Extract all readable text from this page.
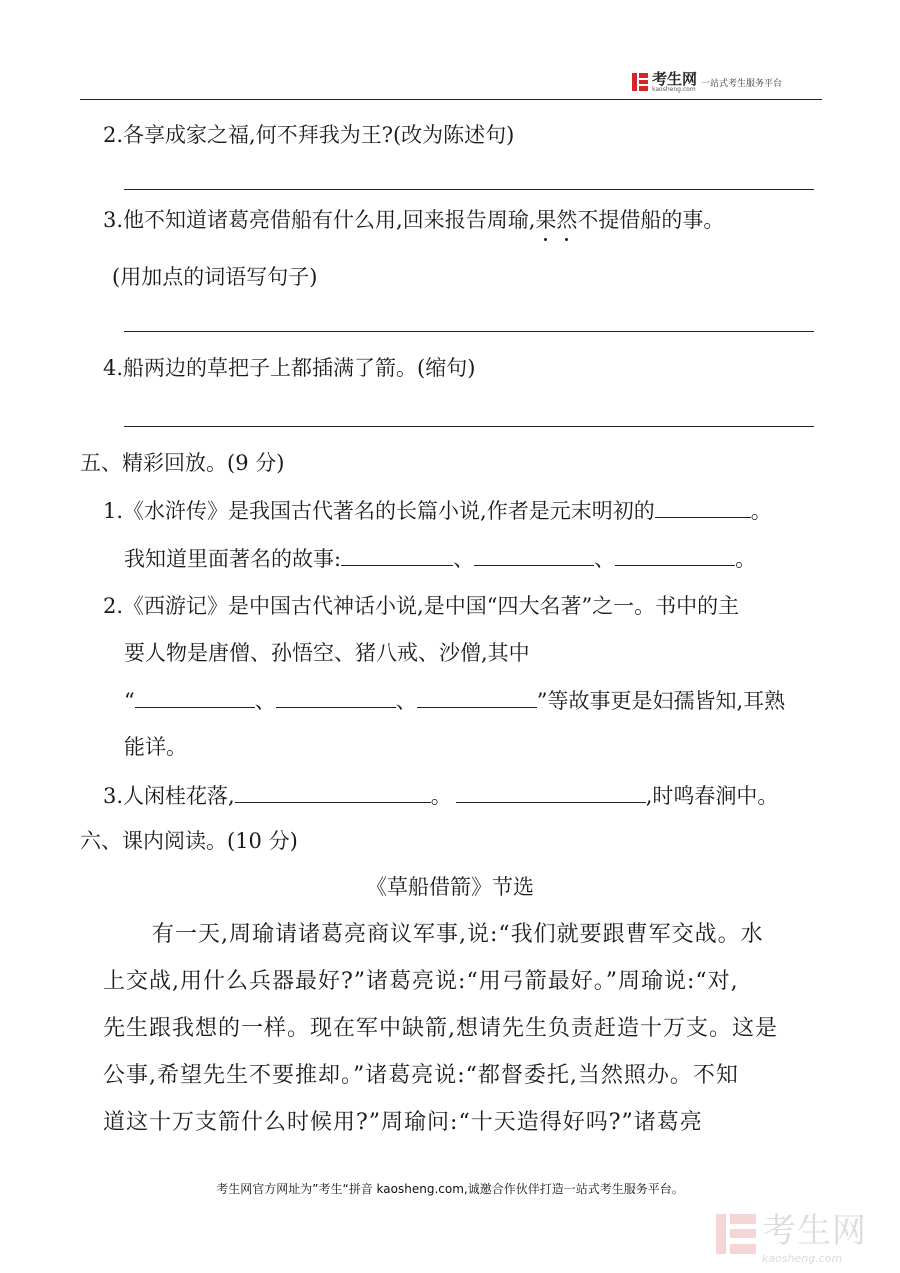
考生网
kaosheng.com
一站式考生服务平台
2.各享成家之福,何不拜我为王?(改为陈述句)
3.他不知道诸葛亮借船有什么用,回来报告周瑜,果然不提借船的事。
(用加点的词语写句子)
4.船两边的草把子上都插满了箭。(缩句)
五、精彩回放。(9 分)
1.《水浒传》是我国古代著名的长篇小说,作者是元末明初的	。
我知道里面著名的故事:	、	、	。
2.《西游记》是中国古代神话小说,是中国“四大名著”之一。书中的主
要人物是唐僧、孙悟空、猪八戒、沙僧,其中
“	、	、	”等故事更是妇孺皆知,耳熟
能详。
3.人闲桂花落,	。	,时鸣春涧中。
六、课内阅读。(10 分)
《草船借箭》节选
有一天,周瑜请诸葛亮商议军事,说:“我们就要跟曹军交战。水
上交战,用什么兵器最好?”诸葛亮说:“用弓箭最好。”周瑜说:“对,
先生跟我想的一样。现在军中缺箭,想请先生负责赶造十万支。这是
公事,希望先生不要推却。”诸葛亮说:“都督委托,当然照办。不知
道这十万支箭什么时候用?”周瑜问:“十天造得好吗?”诸葛亮
考生网官方网址为”考生“拼音 kaosheng.com,诚邀合作伙伴打造一站式考生服务平台。
考生网
kaosheng.com
